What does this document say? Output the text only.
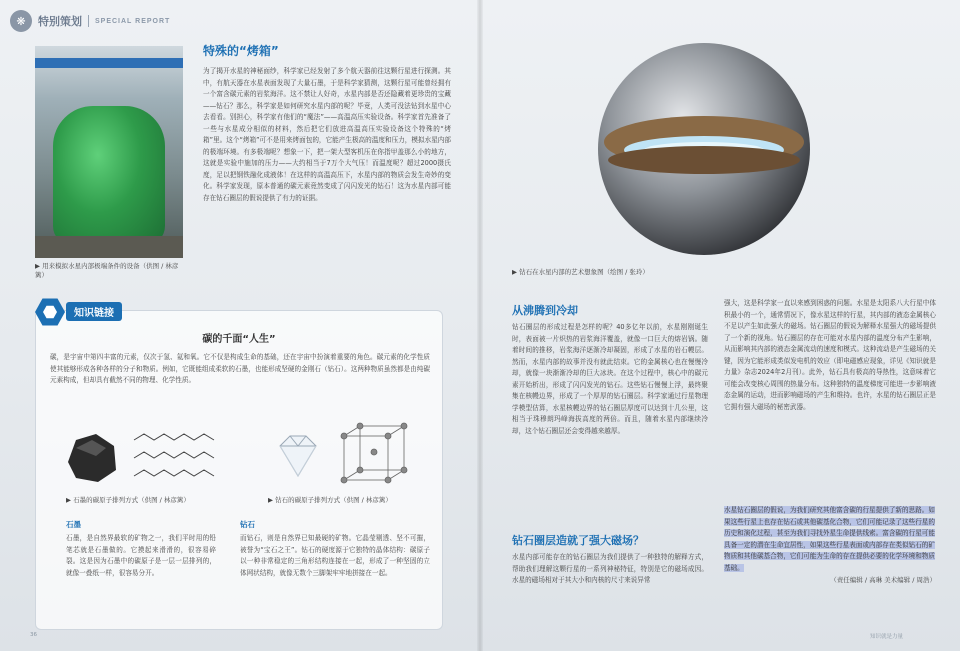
❋	特别策划 SPECIAL REPORT
▶ 用来模拟水星内部极端条件的设备（供图 / 林彦篱）
特殊的“烤箱”
为了揭开水星的神秘面纱，科学家已经发射了多个航天器前往这颗行星进行探测。其中，有航天器在水星表面发现了大量石墨，于是科学家猜测，这颗行星可能曾经拥有一个富含碳元素的岩浆海洋。这不禁让人好奇，水星内部是否还隐藏着更珍贵的宝藏——钻石？那么，科学家是如何研究水星内部的呢？毕竟，人类可没法钻到水星中心去看看。别担心，科学家有他们的“魔法”——高温高压实验设备。科学家首先准备了一些与水星成分相似的材料，然后把它们放进高温高压实验设备这个特殊的“烤箱”里。这个“烤箱”可不是用来烤面包的，它能产生极高的温度和压力，模拟水星内部的极端环境。有多极端呢？想象一下，把一架大型客机压在你指甲盖那么小的地方，这就是实验中施加的压力——大约相当于7万个大气压！而温度呢？超过2000摄氏度，足以把钢铁融化成液体！在这样的高温高压下，水星内部的物质会发生奇妙的变化。科学家发现，原本普通的碳元素竟然变成了闪闪发光的钻石！这为水星内部可能存在钻石圈层的假说提供了有力的证据。
知识链接
碳的千面“人生”
碳，是宇宙中第四丰富的元素，仅次于氢、氦和氧。它不仅是构成生命的基础，还在宇宙中扮演着重要的角色。碳元素的化学性质使其能够形成各种各样的分子和物质。例如，它既能组成柔软的石墨，也能形成坚硬的金刚石（钻石）。这两种物质虽然都是由纯碳元素构成，但却具有截然不同的物理、化学性质。
▶ 石墨的碳原子排列方式（供图 / 林彦篱）	▶ 钻石的碳原子排列方式（供图 / 林彦篱）
石墨	钻石
石墨，是自然界最软的矿物之一，我们平时用的铅笔芯就是石墨做的。它摸起来滑滑的，很容易碎裂。这是因为石墨中的碳原子是一层一层排列的，就像一叠纸一样，很容易分开。
而钻石，则是自然界已知最硬的矿物。它晶莹剔透、坚不可摧，被誉为“宝石之王”。钻石的硬度源于它独特的晶体结构：碳原子以一种非常稳定的三角形结构连接在一起，形成了一种坚固的立体网状结构，就像无数个三脚架牢牢地拼接在一起。
▶ 钻石在水星内部的艺术想象图（绘图 / 张玲）
从沸腾到冷却
钻石圈层的形成过程是怎样的呢？40多亿年以前，水星刚刚诞生时，表面被一片炽热的岩浆海洋覆盖，就像一口巨大的熔岩锅。随着时间的推移，岩浆海洋逐渐冷却凝固，形成了水星的岩石幔层。然而，水星内部的故事并没有就此结束。它的金属核心也在慢慢冷却，就像一块渐渐冷却的巨大冰块。在这个过程中，核心中的碳元素开始析出，形成了闪闪发光的钻石。这些钻石慢慢上浮，最终聚集在核幔边界，形成了一个厚厚的钻石圈层。科学家通过行星物理学模型估算，水星核幔边界的钻石圈层厚度可以达到十几公里，这相当于珠穆朗玛峰海拔高度的两倍。而且，随着水星内部继续冷却，这个钻石圈层还会变得越来越厚。
钻石圈层造就了强大磁场？
水星内部可能存在的钻石圈层为我们提供了一种独特的解释方式，帮助我们理解这颗行星的一系列神秘特征，特别是它的磁场成因。水星的磁场相对于其大小和内核的尺寸来说异常
强大，这是科学家一直以来感到困惑的问题。水星是太阳系八大行星中体积最小的一个，通常情况下，像水星这样的行星，其内部的液态金属核心不足以产生如此强大的磁场。钻石圈层的假说为解释水星强大的磁场提供了一个新的视角。钻石圈层的存在可能对水星内部的温度分布产生影响，从而影响其内部的液态金属流动的速度和模式。这种流动是产生磁场的关键，因为它能形成类似发电机的效应（即电磁感应现象，详见《知识就是力量》杂志2024年2月刊）。此外，钻石具有极高的导热性，这意味着它可能会改变核心周围的热量分布。这种独特的温度梯度可能进一步影响液态金属的运动，进而影响磁场的产生和维持。也许，水星的钻石圈层正是它拥有强大磁场的秘密武器。
水星钻石圈层的假说，为我们研究其他富含碳的行星提供了新的思路。如果这些行星上也存在钻石或其他碳基化合物，它们可能记录了这些行星的历史和演化过程，甚至为我们寻找外星生命提供线索。富含碳的行星可能具备一定的潜在生命宜居性，如果这些行星表面或内部存在类似钻石的矿物质和其他碳基合物，它们可能为生命的存在提供必要的化学环境和物质基础。
（责任编辑 / 高琳 美术编辑 / 周浩）
36	知识就是力量
